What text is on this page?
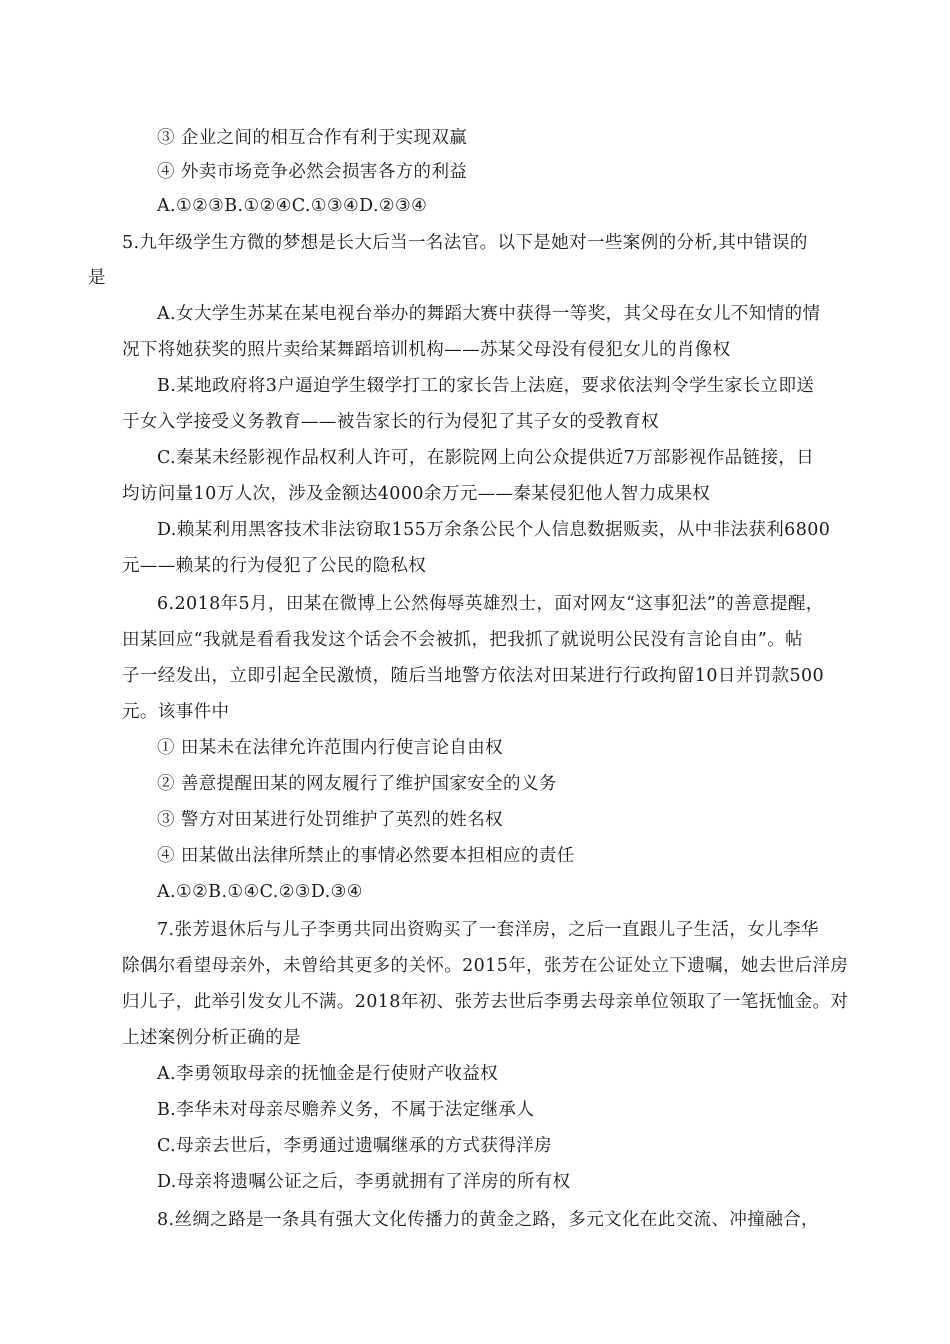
③ 企业之间的相互合作有利于实现双赢
④ 外卖市场竞争必然会损害各方的利益
A.①②③B.①②④C.①③④D.②③④
5.九年级学生方微的梦想是长大后当一名法官。以下是她对一些案例的分析,其中错误的
是
A.女大学生苏某在某电视台举办的舞蹈大赛中获得一等奖，其父母在女儿不知情的情
况下将她获奖的照片卖给某舞蹈培训机构——苏某父母没有侵犯女儿的肖像权
B.某地政府将3户逼迫学生辍学打工的家长告上法庭，要求依法判令学生家长立即送
于女入学接受义务教育——被告家长的行为侵犯了其子女的受教育权
C.秦某未经影视作品权利人许可，在影院网上向公众提供近7万部影视作品链接，日
均访问量10万人次，涉及金额达4000余万元——秦某侵犯他人智力成果权
D.赖某利用黑客技术非法窃取155万余条公民个人信息数据贩卖，从中非法获利6800
元——赖某的行为侵犯了公民的隐私权
6.2018年5月，田某在微博上公然侮辱英雄烈士，面对网友“这事犯法”的善意提醒，
田某回应“我就是看看我发这个话会不会被抓，把我抓了就说明公民没有言论自由”。帖
子一经发出，立即引起全民激愤，随后当地警方依法对田某进行行政拘留10日并罚款500
元。该事件中
① 田某未在法律允许范围内行使言论自由权
② 善意提醒田某的网友履行了维护国家安全的义务
③ 警方对田某进行处罚维护了英烈的姓名权
④ 田某做出法律所禁止的事情必然要本担相应的责任
A.①②B.①④C.②③D.③④
7.张芳退休后与儿子李勇共同出资购买了一套洋房，之后一直跟儿子生活，女儿李华
除偶尔看望母亲外，未曾给其更多的关怀。2015年，张芳在公证处立下遗嘱，她去世后洋房
归儿子，此举引发女儿不满。2018年初、张芳去世后李勇去母亲单位领取了一笔抚恤金。对
上述案例分析正确的是
A.李勇领取母亲的抚恤金是行使财产收益权
B.李华未对母亲尽赡养义务，不属于法定继承人
C.母亲去世后，李勇通过遗嘱继承的方式获得洋房
D.母亲将遗嘱公证之后，李勇就拥有了洋房的所有权
8.丝绸之路是一条具有强大文化传播力的黄金之路，多元文化在此交流、冲撞融合，
